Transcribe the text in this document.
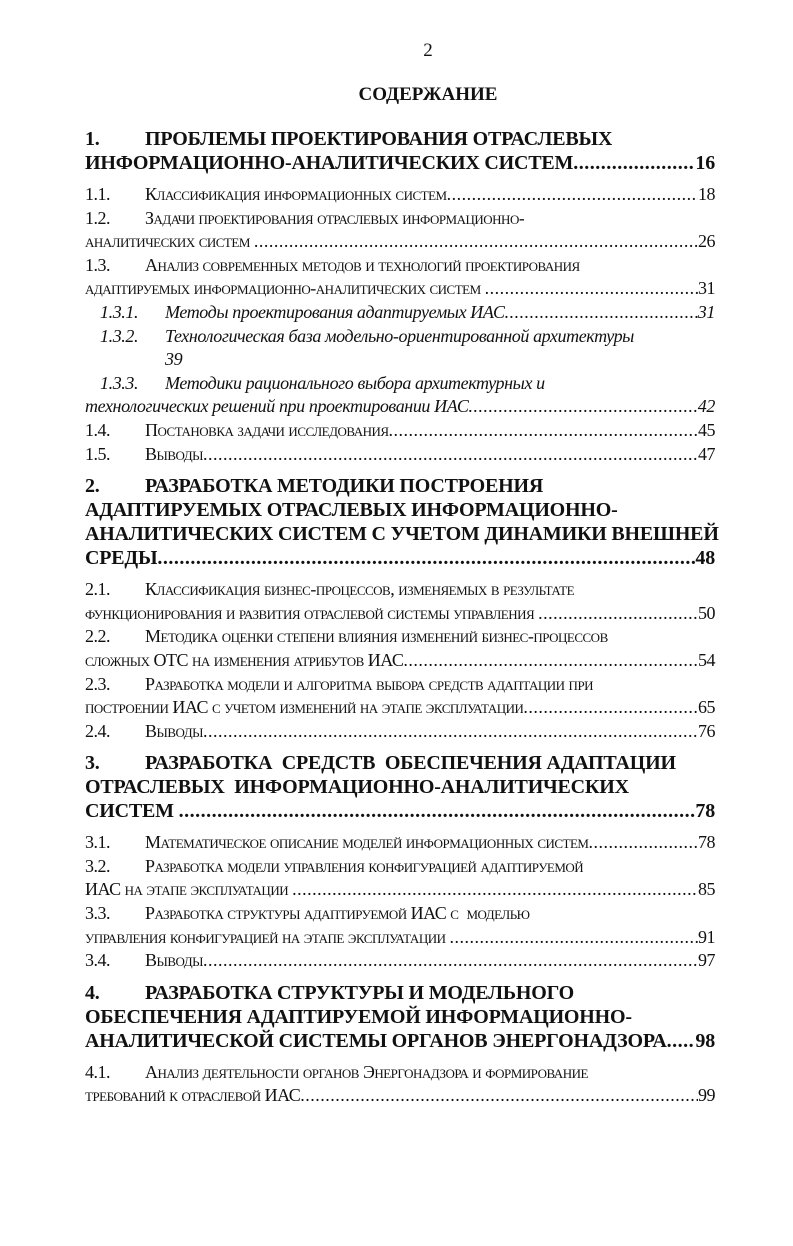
2
СОДЕРЖАНИЕ
1.	ПРОБЛЕМЫ ПРОЕКТИРОВАНИЯ ОТРАСЛЕВЫХ
ИНФОРМАЦИОННО-АНАЛИТИЧЕСКИХ СИСТЕМ .....	16
1.1.	Классификация информационных систем .....	18
1.2.	Задачи проектирования отраслевых информационно-
аналитических систем .....	26
1.3.	Анализ современных методов и технологий проектирования
адаптируемых информационно-аналитических систем .....	31
1.3.1.	Методы проектирования адаптируемых ИАС .....	31
1.3.2.	Технологическая база модельно-ориентированной архитектуры
39
1.3.3.	Методики рационального выбора архитектурных и
технологических решений при проектировании ИАС .....	42
1.4.	Постановка задачи исследования .....	45
1.5.	Выводы .....	47
2.	РАЗРАБОТКА МЕТОДИКИ ПОСТРОЕНИЯ
АДАПТИРУЕМЫХ ОТРАСЛЕВЫХ ИНФОРМАЦИОННО-
АНАЛИТИЧЕСКИХ СИСТЕМ С УЧЕТОМ ДИНАМИКИ ВНЕШНЕЙ
СРЕДЫ .....	48
2.1.	Классификация бизнес-процессов, изменяемых в результате
функционирования и развития отраслевой системы управления .....	50
2.2.	Методика оценки степени влияния изменений бизнес-процессов
сложных ОТС на изменения атрибутов ИАС .....	54
2.3.	Разработка модели и алгоритма выбора средств адаптации при
построении ИАС с учетом изменений на этапе эксплуатации .....	65
2.4.	Выводы .....	76
3.	РАЗРАБОТКА  СРЕДСТВ  ОБЕСПЕЧЕНИЯ АДАПТАЦИИ
ОТРАСЛЕВЫХ  ИНФОРМАЦИОННО-АНАЛИТИЧЕСКИХ
СИСТЕМ .....	78
3.1.	Математическое описание моделей информационных систем .....	78
3.2.	Разработка модели управления конфигурацией адаптируемой
ИАС на этапе эксплуатации .....	85
3.3.	Разработка структуры адаптируемой ИАС с  моделью
управления конфигурацией на этапе эксплуатации .....	91
3.4.	Выводы .....	97
4.	РАЗРАБОТКА СТРУКТУРЫ И МОДЕЛЬНОГО
ОБЕСПЕЧЕНИЯ АДАПТИРУЕМОЙ ИНФОРМАЦИОННО-
АНАЛИТИЧЕСКОЙ СИСТЕМЫ ОРГАНОВ ЭНЕРГОНАДЗОРА ..... 98
4.1.	Анализ деятельности органов Энергонадзора и формирование
требований к отраслевой ИАС .....	99
